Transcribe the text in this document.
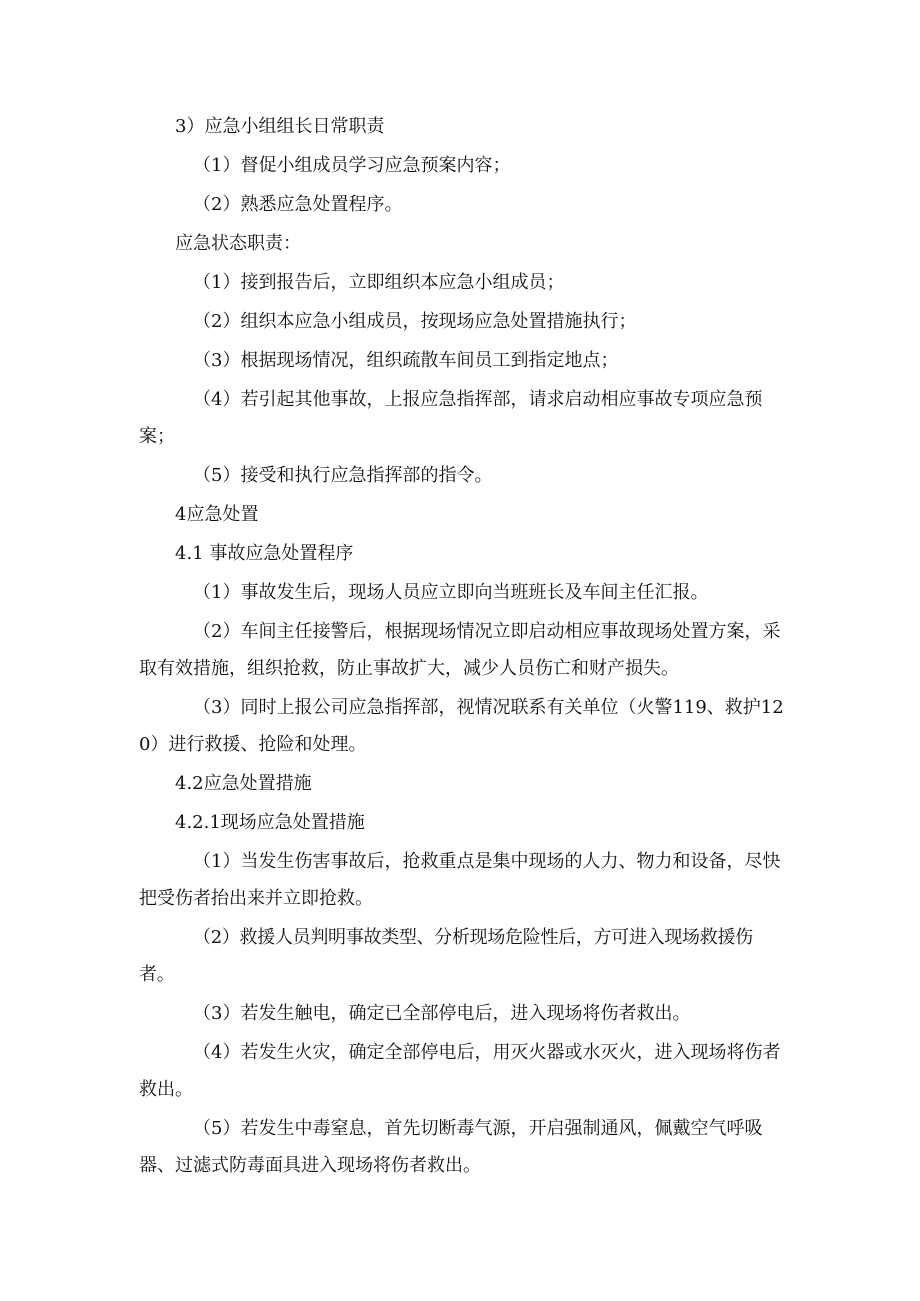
3）应急小组组长日常职责

（1）督促小组成员学习应急预案内容；

（2）熟悉应急处置程序。

应急状态职责：

（1）接到报告后，立即组织本应急小组成员；

（2）组织本应急小组成员，按现场应急处置措施执行；

（3）根据现场情况，组织疏散车间员工到指定地点；

（4）若引起其他事故，上报应急指挥部，请求启动相应事故专项应急预案；

（5）接受和执行应急指挥部的指令。

4应急处置

4.1 事故应急处置程序

（1）事故发生后，现场人员应立即向当班班长及车间主任汇报。

（2）车间主任接警后，根据现场情况立即启动相应事故现场处置方案，采取有效措施，组织抢救，防止事故扩大，减少人员伤亡和财产损失。

（3）同时上报公司应急指挥部，视情况联系有关单位（火警119、救护120）进行救援、抢险和处理。

4.2应急处置措施

4.2.1现场应急处置措施

（1）当发生伤害事故后，抢救重点是集中现场的人力、物力和设备，尽快把受伤者抬出来并立即抢救。

（2）救援人员判明事故类型、分析现场危险性后，方可进入现场救援伤者。

（3）若发生触电，确定已全部停电后，进入现场将伤者救出。

（4）若发生火灾，确定全部停电后，用灭火器或水灭火，进入现场将伤者救出。

（5）若发生中毒窒息，首先切断毒气源，开启强制通风，佩戴空气呼吸器、过滤式防毒面具进入现场将伤者救出。
